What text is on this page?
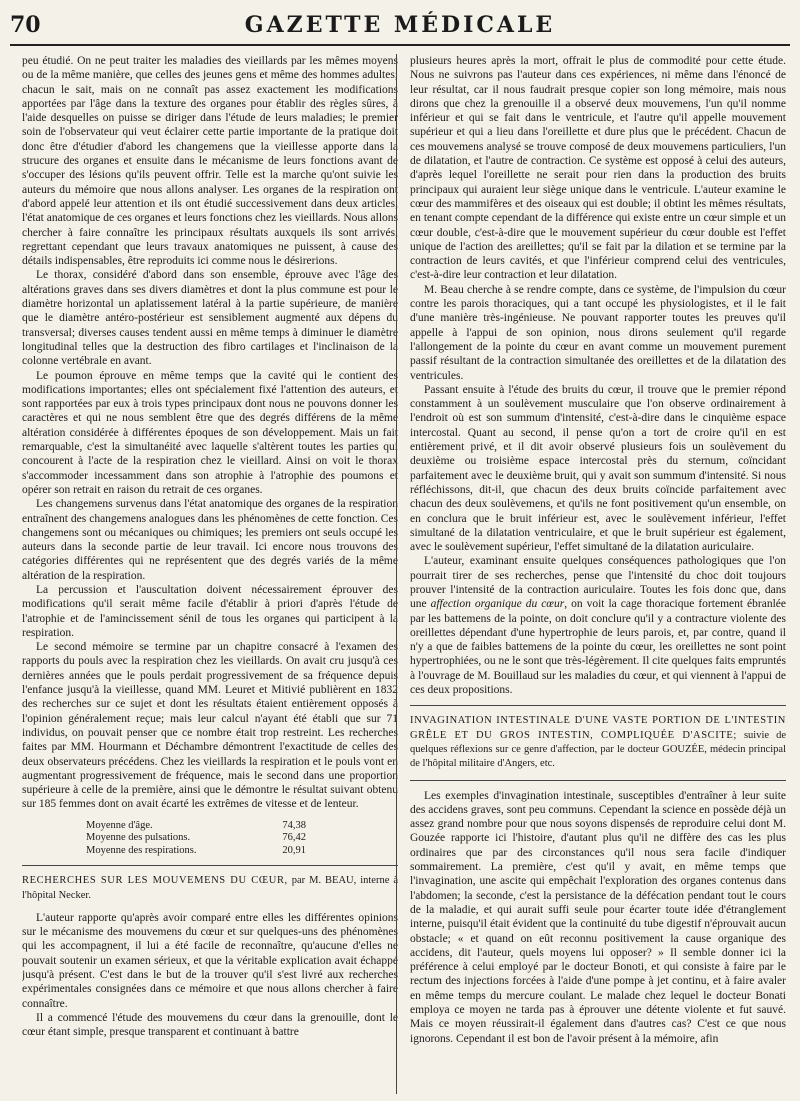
70	GAZETTE MÉDICALE

peu étudié. On ne peut traiter les maladies des vieillards par les mêmes moyens ou de la même manière, que celles des jeunes gens et même des hommes adultes; chacun le sait, mais on ne connaît pas assez exactement les modifications apportées par l'âge dans la texture des organes pour établir des règles sûres, à l'aide desquelles on puisse se diriger dans l'étude de leurs maladies; le premier soin de l'observateur qui veut éclairer cette partie importante de la pratique doit donc être d'étudier d'abord les changemens que la vieillesse apporte dans la strucure des organes et ensuite dans le mécanisme de leurs fonctions avant de s'occuper des lésions qu'ils peuvent offrir. Telle est la marche qu'ont suivie les auteurs du mémoire que nous allons analyser. Les organes de la respiration ont d'abord appelé leur attention et ils ont étudié successivement dans deux articles, l'état anatomique de ces organes et leurs fonctions chez les vieillards. Nous allons chercher à faire connaître les principaux résultats auxquels ils sont arrivés, regrettant cependant que leurs travaux anatomiques ne puissent, à cause des détails indispensables, être reproduits ici comme nous le désirerions.

Le thorax, considéré d'abord dans son ensemble, éprouve avec l'âge des altérations graves dans ses divers diamètres et dont la plus commune est pour le diamètre horizontal un aplatissement latéral à la partie supérieure, de manière que le diamètre antéro-postérieur est sensiblement augmenté aux dépens du transversal; diverses causes tendent aussi en même temps à diminuer le diamètre longitudinal telles que la destruction des fibro cartilages et l'inclinaison de la colonne vertébrale en avant.

Le poumon éprouve en même temps que la cavité qui le contient des modifications importantes; elles ont spécialement fixé l'attention des auteurs, et sont rapportées par eux à trois types principaux dont nous ne pouvons donner les caractères et qui ne nous semblent être que des degrés différens de la même altération considérée à différentes époques de son développement. Mais un fait remarquable, c'est la simultanéité avec laquelle s'altèrent toutes les parties qui concourent à l'acte de la respiration chez le vieillard. Ainsi on voit le thorax s'accommoder incessamment dans son atrophie à l'atrophie des poumons et opérer son retrait en raison du retrait de ces organes.

Les changemens survenus dans l'état anatomique des organes de la respiration entraînent des changemens analogues dans les phénomènes de cette fonction. Ces changemens sont ou mécaniques ou chimiques; les premiers ont seuls occupé les auteurs dans la seconde partie de leur travail. Ici encore nous trouvons des catégories différentes qui ne représentent que des degrés variés de la même altération de la respiration.

La percussion et l'auscultation doivent nécessairement éprouver des modifications qu'il serait même facile d'établir à priori d'après l'étude de l'atrophie et de l'amincissement sénil de tous les organes qui participent à la respiration.

Le second mémoire se termine par un chapitre consacré à l'examen des rapports du pouls avec la respiration chez les vieillards. On avait cru jusqu'à ces dernières années que le pouls perdait progressivement de sa fréquence depuis l'enfance jusqu'à la vieillesse, quand MM. Leuret et Mitivié publièrent en 1832 des recherches sur ce sujet et dont les résultats étaient entièrement opposés à l'opinion généralement reçue; mais leur calcul n'ayant été établi que sur 71 individus, on pouvait penser que ce nombre était trop restreint. Les recherches faites par MM. Hourmann et Déchambre démontrent l'exactitude de celles des deux observateurs précédens. Chez les vieillards la respiration et le pouls vont en augmentant progressivement de fréquence, mais le second dans une proportion supérieure à celle de la première, ainsi que le démontre le résultat suivant obtenu sur 185 femmes dont on avait écarté les extrêmes de vitesse et de lenteur.

Moyenne d'âge.	74,38
Moyenne des pulsations.	76,42
Moyenne des respirations.	20,91

RECHERCHES SUR LES MOUVEMENS DU CŒUR, par M. BEAU, interne à l'hôpital Necker.

L'auteur rapporte qu'après avoir comparé entre elles les différentes opinions sur le mécanisme des mouvemens du cœur et sur quelques-uns des phénomènes qui les accompagnent, il lui a été facile de reconnaître, qu'aucune d'elles ne pouvait soutenir un examen sérieux, et que la véritable explication avait échappé jusqu'à présent. C'est dans le but de la trouver qu'il s'est livré aux recherches expérimentales consignées dans ce mémoire et que nous allons chercher à faire connaître.

Il a commencé l'étude des mouvemens du cœur dans la grenouille, dont le cœur étant simple, presque transparent et continuant à battre

plusieurs heures après la mort, offrait le plus de commodité pour cette étude. Nous ne suivrons pas l'auteur dans ces expériences, ni même dans l'énoncé de leur résultat, car il nous faudrait presque copier son long mémoire, mais nous dirons que chez la grenouille il a observé deux mouvemens, l'un qu'il nomme inférieur et qui se fait dans le ventricule, et l'autre qu'il appelle mouvement supérieur et qui a lieu dans l'oreillette et dure plus que le précédent. Chacun de ces mouvemens analysé se trouve composé de deux mouvemens particuliers, l'un de dilatation, et l'autre de contraction. Ce système est opposé à celui des auteurs, d'après lequel l'oreillette ne serait pour rien dans la production des bruits principaux qui auraient leur siège unique dans le ventricule. L'auteur examine le cœur des mammifères et des oiseaux qui est double; il obtint les mêmes résultats, en tenant compte cependant de la différence qui existe entre un cœur simple et un cœur double, c'est-à-dire que le mouvement supérieur du cœur double est l'effet unique de l'action des areillettes; qu'il se fait par la dilation et se termine par la contraction de leurs cavités, et que l'inférieur comprend celui des ventricules, c'est-à-dire leur contraction et leur dilatation.

M. Beau cherche à se rendre compte, dans ce système, de l'impulsion du cœur contre les parois thoraciques, qui a tant occupé les physiologistes, et il le fait d'une manière très-ingénieuse. Ne pouvant rapporter toutes les preuves qu'il appelle à l'appui de son opinion, nous dirons seulement qu'il regarde l'allongement de la pointe du cœur en avant comme un mouvement purement passif résultant de la contraction simultanée des oreillettes et de la dilatation des ventricules.

Passant ensuite à l'étude des bruits du cœur, il trouve que le premier répond constamment à un soulèvement musculaire que l'on observe ordinairement à l'endroit où est son summum d'intensité, c'est-à-dire dans le cinquième espace intercostal. Quant au second, il pense qu'on a tort de croire qu'il en est entièrement privé, et il dit avoir observé plusieurs fois un soulèvement du deuxième ou troisième espace intercostal près du sternum, coïncidant parfaitement avec le deuxième bruit, qui y avait son summum d'intensité. Si nous réfléchissons, dit-il, que chacun des deux bruits coïncide parfaitement avec chacun des deux soulèvemens, et qu'ils ne font positivement qu'un ensemble, on en conclura que le bruit inférieur est, avec le soulèvement inférieur, l'effet simultané de la dilatation ventriculaire, et que le bruit supérieur est également, avec le soulèvement supérieur, l'effet simultané de la dilatation auriculaire.

L'auteur, examinant ensuite quelques conséquences pathologiques que l'on pourrait tirer de ses recherches, pense que l'intensité du choc doit toujours prouver l'intensité de la contraction auriculaire. Toutes les fois donc que, dans une affection organique du cœur, on voit la cage thoracique fortement ébranlée par les battemens de la pointe, on doit conclure qu'il y a contracture violente des oreillettes dépendant d'une hypertrophie de leurs parois, et, par contre, quand il n'y a que de faibles battemens de la pointe du cœur, les oreillettes ne sont point hypertrophiées, ou ne le sont que très-légèrement. Il cite quelques faits empruntés à l'ouvrage de M. Bouillaud sur les maladies du cœur, et qui viennent à l'appui de ces deux propositions.

INVAGINATION INTESTINALE D'UNE VASTE PORTION DE L'INTESTIN GRÊLE ET DU GROS INTESTIN, COMPLIQUÉE D'ASCITE; suivie de quelques réflexions sur ce genre d'affection, par le docteur GOUZÉE, médecin principal de l'hôpital militaire d'Angers, etc.

Les exemples d'invagination intestinale, susceptibles d'entraîner à leur suite des accidens graves, sont peu communs. Cependant la science en possède déjà un assez grand nombre pour que nous soyons dispensés de reproduire celui dont M. Gouzée rapporte ici l'histoire, d'autant plus qu'il ne diffère des cas les plus ordinaires que par des circonstances qu'il nous sera facile d'indiquer sommairement. La première, c'est qu'il y avait, en même temps que l'invagination, une ascite qui empêchait l'exploration des organes contenus dans l'abdomen; la seconde, c'est la persistance de la défécation pendant tout le cours de la maladie, et qui aurait suffi seule pour écarter toute idée d'étranglement interne, puisqu'il était évident que la continuité du tube digestif n'éprouvait aucun obstacle; « et quand on eût reconnu positivement la cause organique des accidens, dit l'auteur, quels moyens lui opposer? » Il semble donner ici la préférence à celui employé par le docteur Bonoti, et qui consiste à faire par le rectum des injections forcées à l'aide d'une pompe à jet continu, et à faire avaler en même temps du mercure coulant. Le malade chez lequel le docteur Bonati employa ce moyen ne tarda pas à éprouver une détente violente et fut sauvé. Mais ce moyen réussirait-il également dans d'autres cas? C'est ce que nous ignorons. Cependant il est bon de l'avoir présent à la mémoire, afin
